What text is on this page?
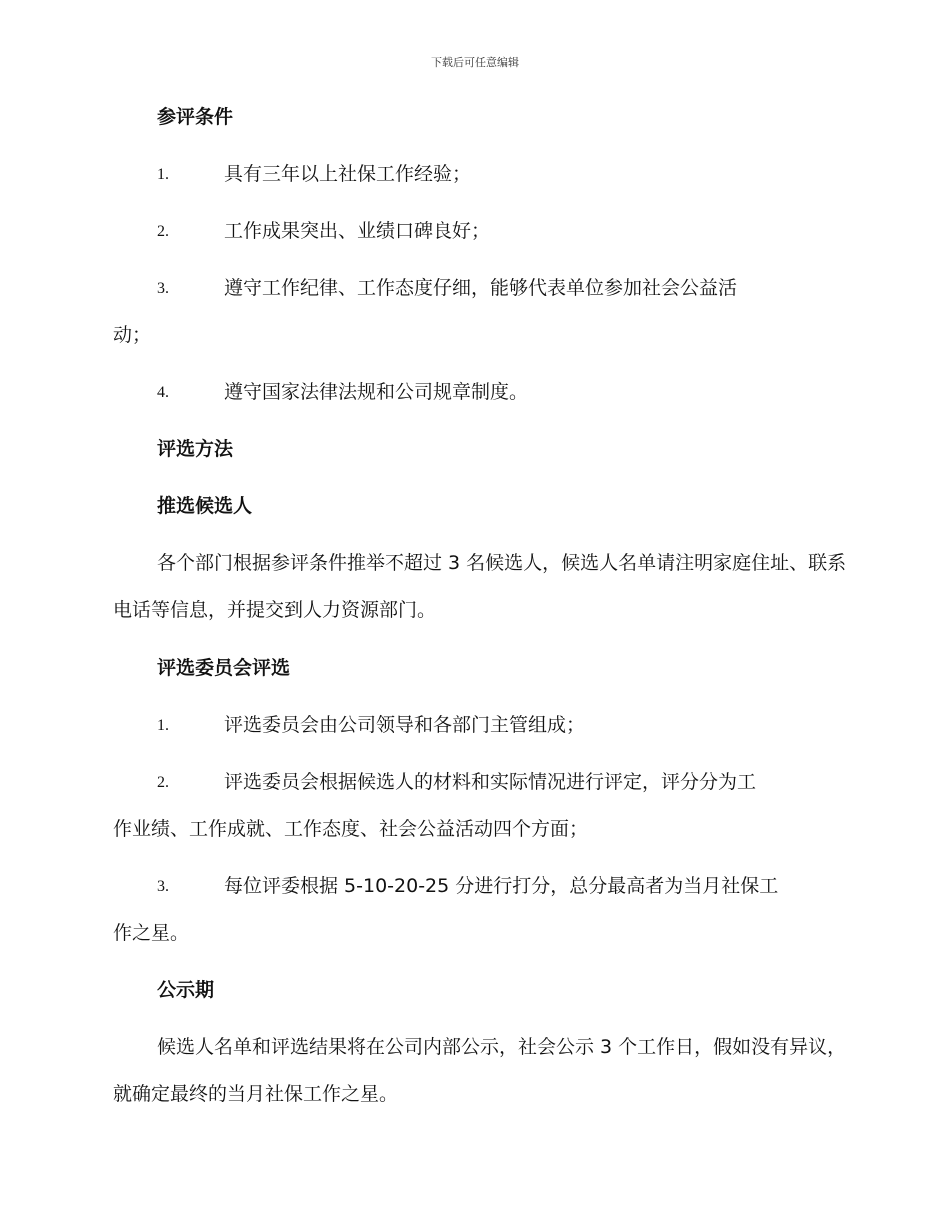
下载后可任意编辑
参评条件
1.	具有三年以上社保工作经验；
2.	工作成果突出、业绩口碑良好；
3.	遵守工作纪律、工作态度仔细，能够代表单位参加社会公益活
动；
4.	遵守国家法律法规和公司规章制度。
评选方法
推选候选人
各个部门根据参评条件推举不超过 3 名候选人，候选人名单请注明家庭住址、联系电话等信息，并提交到人力资源部门。
评选委员会评选
1.	评选委员会由公司领导和各部门主管组成；
2.	评选委员会根据候选人的材料和实际情况进行评定，评分分为工
作业绩、工作成就、工作态度、社会公益活动四个方面；
3.	每位评委根据 5-10-20-25 分进行打分，总分最高者为当月社保工
作之星。
公示期
候选人名单和评选结果将在公司内部公示，社会公示 3 个工作日，假如没有异议，就确定最终的当月社保工作之星。
